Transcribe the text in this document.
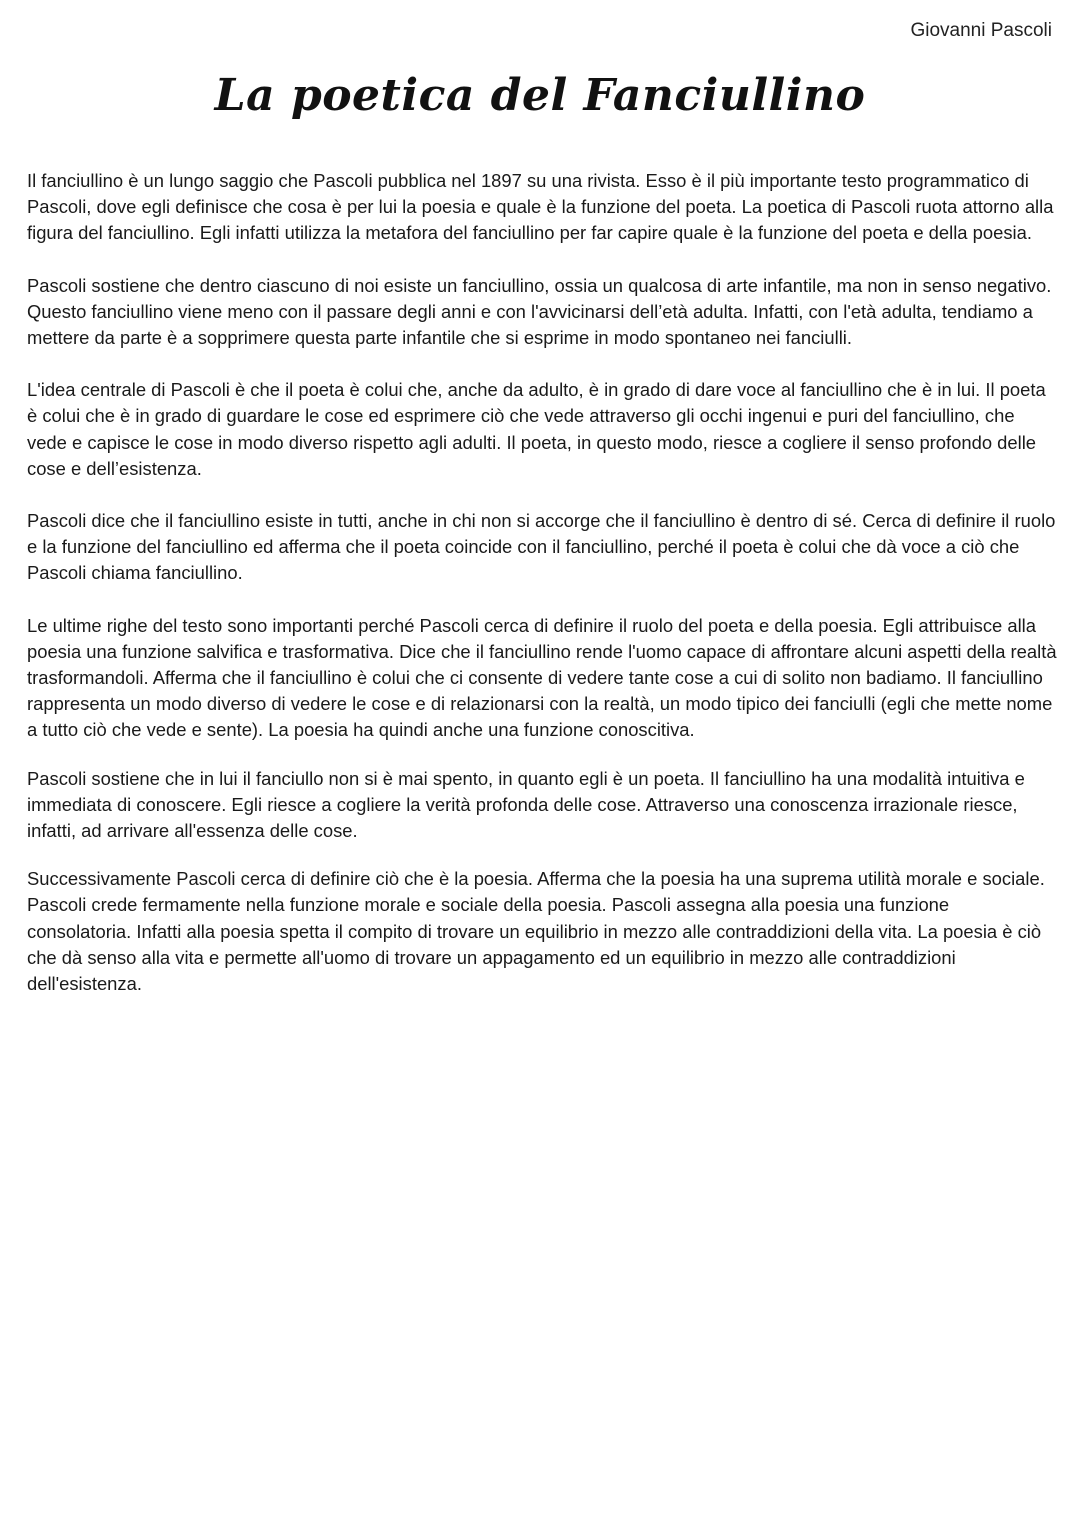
Giovanni Pascoli
La poetica del Fanciullino

Il fanciullino è un lungo saggio che Pascoli pubblica nel 1897 su una rivista. Esso è il più importante testo programmatico di Pascoli, dove egli definisce che cosa è per lui la poesia e quale è la funzione del poeta. La poetica di Pascoli ruota attorno alla figura del fanciullino. Egli infatti utilizza la metafora del fanciullino per far capire quale è la funzione del poeta e della poesia.

Pascoli sostiene che dentro ciascuno di noi esiste un fanciullino, ossia un qualcosa di arte infantile, ma non in senso negativo. Questo fanciullino viene meno con il passare degli anni e con l'avvicinarsi dell’età adulta. Infatti, con l'età adulta, tendiamo a mettere da parte è a sopprimere questa parte infantile che si esprime in modo spontaneo nei fanciulli.

L'idea centrale di Pascoli è che il poeta è colui che, anche da adulto, è in grado di dare voce al fanciullino che è in lui. Il poeta è colui che è in grado di guardare le cose ed esprimere ciò che vede attraverso gli occhi ingenui e puri del fanciullino, che vede e capisce le cose in modo diverso rispetto agli adulti. Il poeta, in questo modo, riesce a cogliere il senso profondo delle cose e dell’esistenza.

Pascoli dice che il fanciullino esiste in tutti, anche in chi non si accorge che il fanciullino è dentro di sé. Cerca di definire il ruolo e la funzione del fanciullino ed afferma che il poeta coincide con il fanciullino, perché il poeta è colui che dà voce a ciò che Pascoli chiama fanciullino.

Le ultime righe del testo sono importanti perché Pascoli cerca di definire il ruolo del poeta e della poesia. Egli attribuisce alla poesia una funzione salvifica e trasformativa. Dice che il fanciullino rende l'uomo capace di affrontare alcuni aspetti della realtà trasformandoli. Afferma che il fanciullino è colui che ci consente di vedere tante cose a cui di solito non badiamo. Il fanciullino rappresenta un modo diverso di vedere le cose e di relazionarsi con la realtà, un modo tipico dei fanciulli (egli che mette nome a tutto ciò che vede e sente). La poesia ha quindi anche una funzione conoscitiva.

Pascoli sostiene che in lui il fanciullo non si è mai spento, in quanto egli è un poeta. Il fanciullino ha una modalità intuitiva e immediata di conoscere. Egli riesce a cogliere la verità profonda delle cose. Attraverso una conoscenza irrazionale riesce, infatti, ad arrivare all'essenza delle cose.

Successivamente Pascoli cerca di definire ciò che è la poesia. Afferma che la poesia ha una suprema utilità morale e sociale. Pascoli crede fermamente nella funzione morale e sociale della poesia. Pascoli assegna alla poesia una funzione consolatoria. Infatti alla poesia spetta il compito di trovare un equilibrio in mezzo alle contraddizioni della vita. La poesia è ciò che dà senso alla vita e permette all'uomo di trovare un appagamento ed un equilibrio in mezzo alle contraddizioni dell'esistenza.
